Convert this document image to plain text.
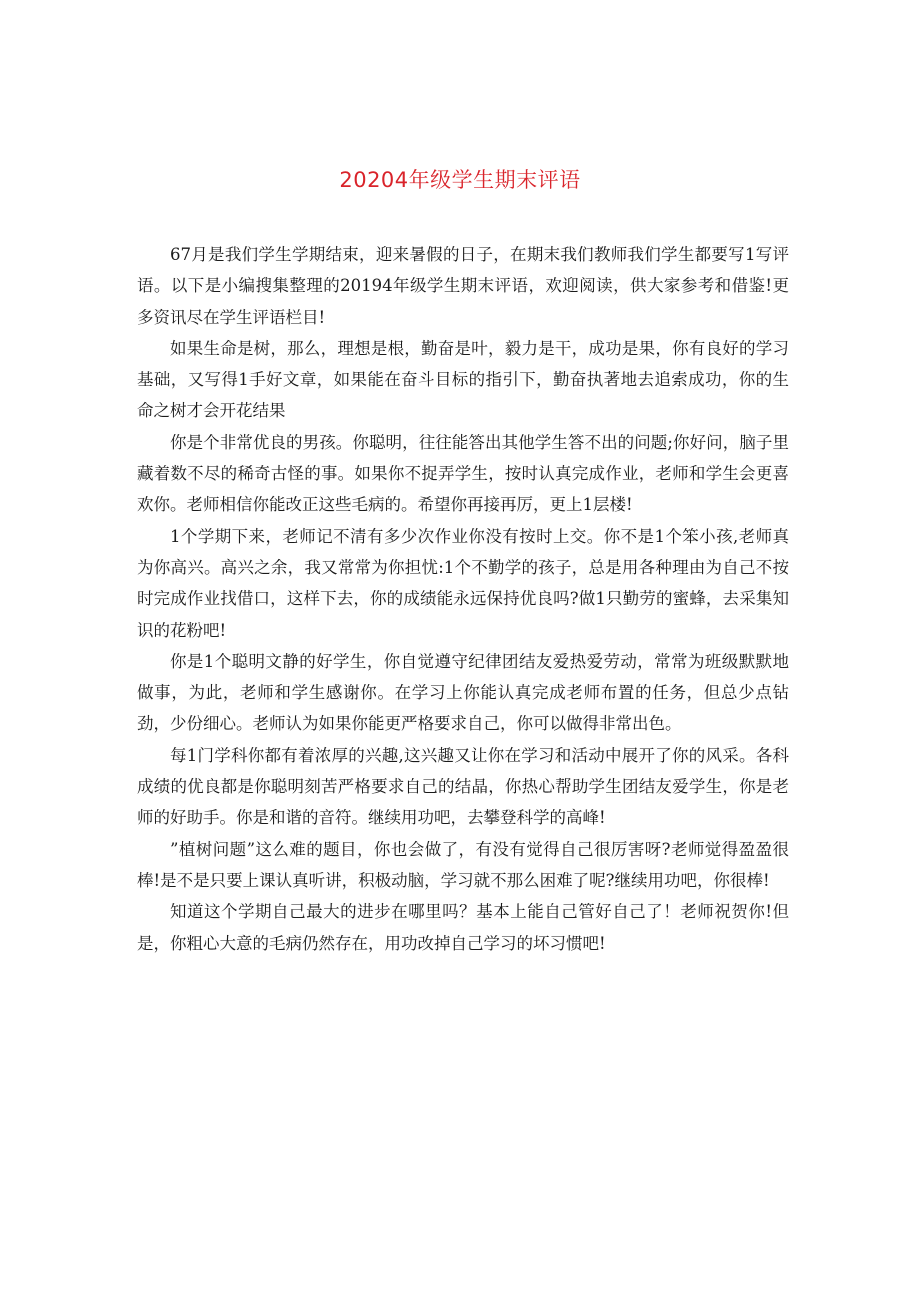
20204年级学生期末评语

67月是我们学生学期结束，迎来暑假的日子，在期末我们教师我们学生都要写1写评语。以下是小编搜集整理的20194年级学生期末评语，欢迎阅读，供大家参考和借鉴!更多资讯尽在学生评语栏目!

如果生命是树，那么，理想是根，勤奋是叶，毅力是干，成功是果，你有良好的学习基础，又写得1手好文章，如果能在奋斗目标的指引下，勤奋执著地去追索成功，你的生命之树才会开花结果

你是个非常优良的男孩。你聪明，往往能答出其他学生答不出的问题;你好问，脑子里藏着数不尽的稀奇古怪的事。如果你不捉弄学生，按时认真完成作业，老师和学生会更喜欢你。老师相信你能改正这些毛病的。希望你再接再厉，更上1层楼!

1个学期下来，老师记不清有多少次作业你没有按时上交。你不是1个笨小孩,老师真为你高兴。高兴之余，我又常常为你担忧:1个不勤学的孩子，总是用各种理由为自己不按时完成作业找借口，这样下去，你的成绩能永远保持优良吗?做1只勤劳的蜜蜂，去采集知识的花粉吧!

你是1个聪明文静的好学生，你自觉遵守纪律团结友爱热爱劳动，常常为班级默默地做事，为此，老师和学生感谢你。在学习上你能认真完成老师布置的任务，但总少点钻劲，少份细心。老师认为如果你能更严格要求自己，你可以做得非常出色。

每1门学科你都有着浓厚的兴趣,这兴趣又让你在学习和活动中展开了你的风采。各科成绩的优良都是你聪明刻苦严格要求自己的结晶，你热心帮助学生团结友爱学生，你是老师的好助手。你是和谐的音符。继续用功吧，去攀登科学的高峰!

”植树问题”这么难的题目，你也会做了，有没有觉得自己很厉害呀?老师觉得盈盈很棒!是不是只要上课认真听讲，积极动脑，学习就不那么困难了呢?继续用功吧，你很棒!

知道这个学期自己最大的进步在哪里吗？基本上能自己管好自己了！老师祝贺你!但是，你粗心大意的毛病仍然存在，用功改掉自己学习的坏习惯吧!
